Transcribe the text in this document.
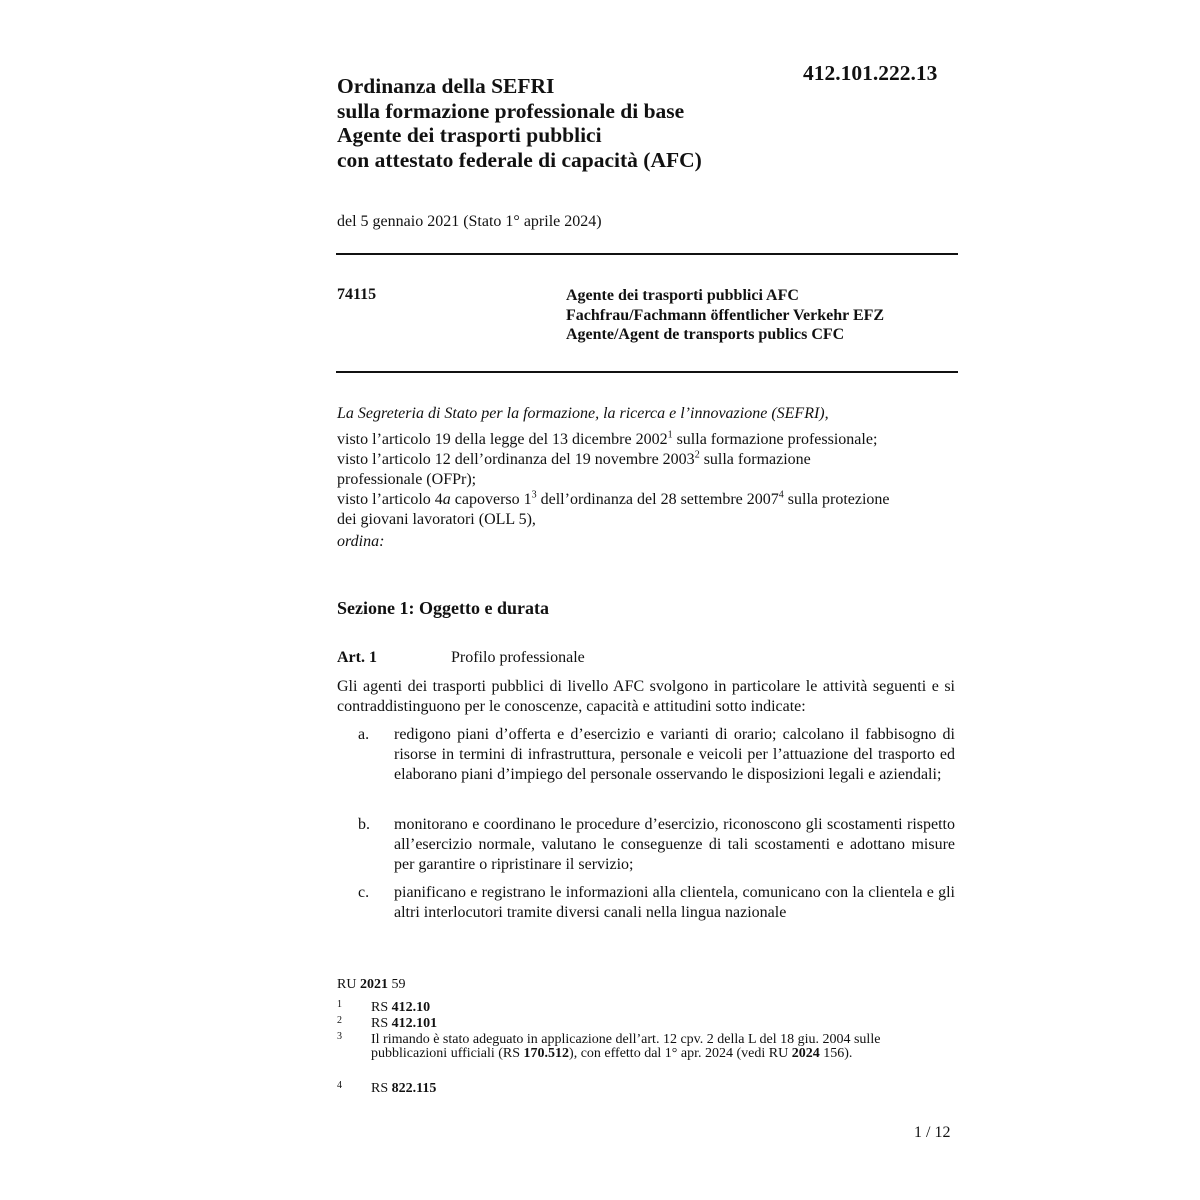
Ordinanza della SEFRI
sulla formazione professionale di base
Agente dei trasporti pubblici
con attestato federale di capacità (AFC)
412.101.222.13
del 5 gennaio 2021 (Stato 1° aprile 2024)
74115	Agente dei trasporti pubblici AFC
Fachfrau/Fachmann öffentlicher Verkehr EFZ
Agente/Agent de transports publics CFC
La Segreteria di Stato per la formazione, la ricerca e l’innovazione (SEFRI),
visto l’articolo 19 della legge del 13 dicembre 2002$^1$ sulla formazione professionale;
visto l’articolo 12 dell’ordinanza del 19 novembre 2003$^2$ sulla formazione professionale (OFPr);
visto l’articolo 4a capoverso $1^3$ dell’ordinanza del 28 settembre 2007$^4$ sulla protezione dei giovani lavoratori (OLL 5),
ordina:
Sezione 1: Oggetto e durata
Art. 1	Profilo professionale
Gli agenti dei trasporti pubblici di livello AFC svolgono in particolare le attività seguenti e si contraddistinguono per le conoscenze, capacità e attitudini sotto indicate:
a. redigono piani d’offerta e d’esercizio e varianti di orario; calcolano il fabbisogno di risorse in termini di infrastruttura, personale e veicoli per l’attuazione del trasporto ed elaborano piani d’impiego del personale osservando le disposizioni legali e aziendali;
b. monitorano e coordinano le procedure d’esercizio, riconoscono gli scostamenti rispetto all’esercizio normale, valutano le conseguenze di tali scostamenti e adottano misure per garantire o ripristinare il servizio;
c. pianificano e registrano le informazioni alla clientela, comunicano con la clientela e gli altri interlocutori tramite diversi canali nella lingua nazionale
RU 2021 59
1 RS 412.10
2 RS 412.101
3 Il rimando è stato adeguato in applicazione dell’art. 12 cpv. 2 della L del 18 giu. 2004 sulle pubblicazioni ufficiali (RS 170.512), con effetto dal 1° apr. 2024 (vedi RU 2024 156).
4 RS 822.115
1 / 12
